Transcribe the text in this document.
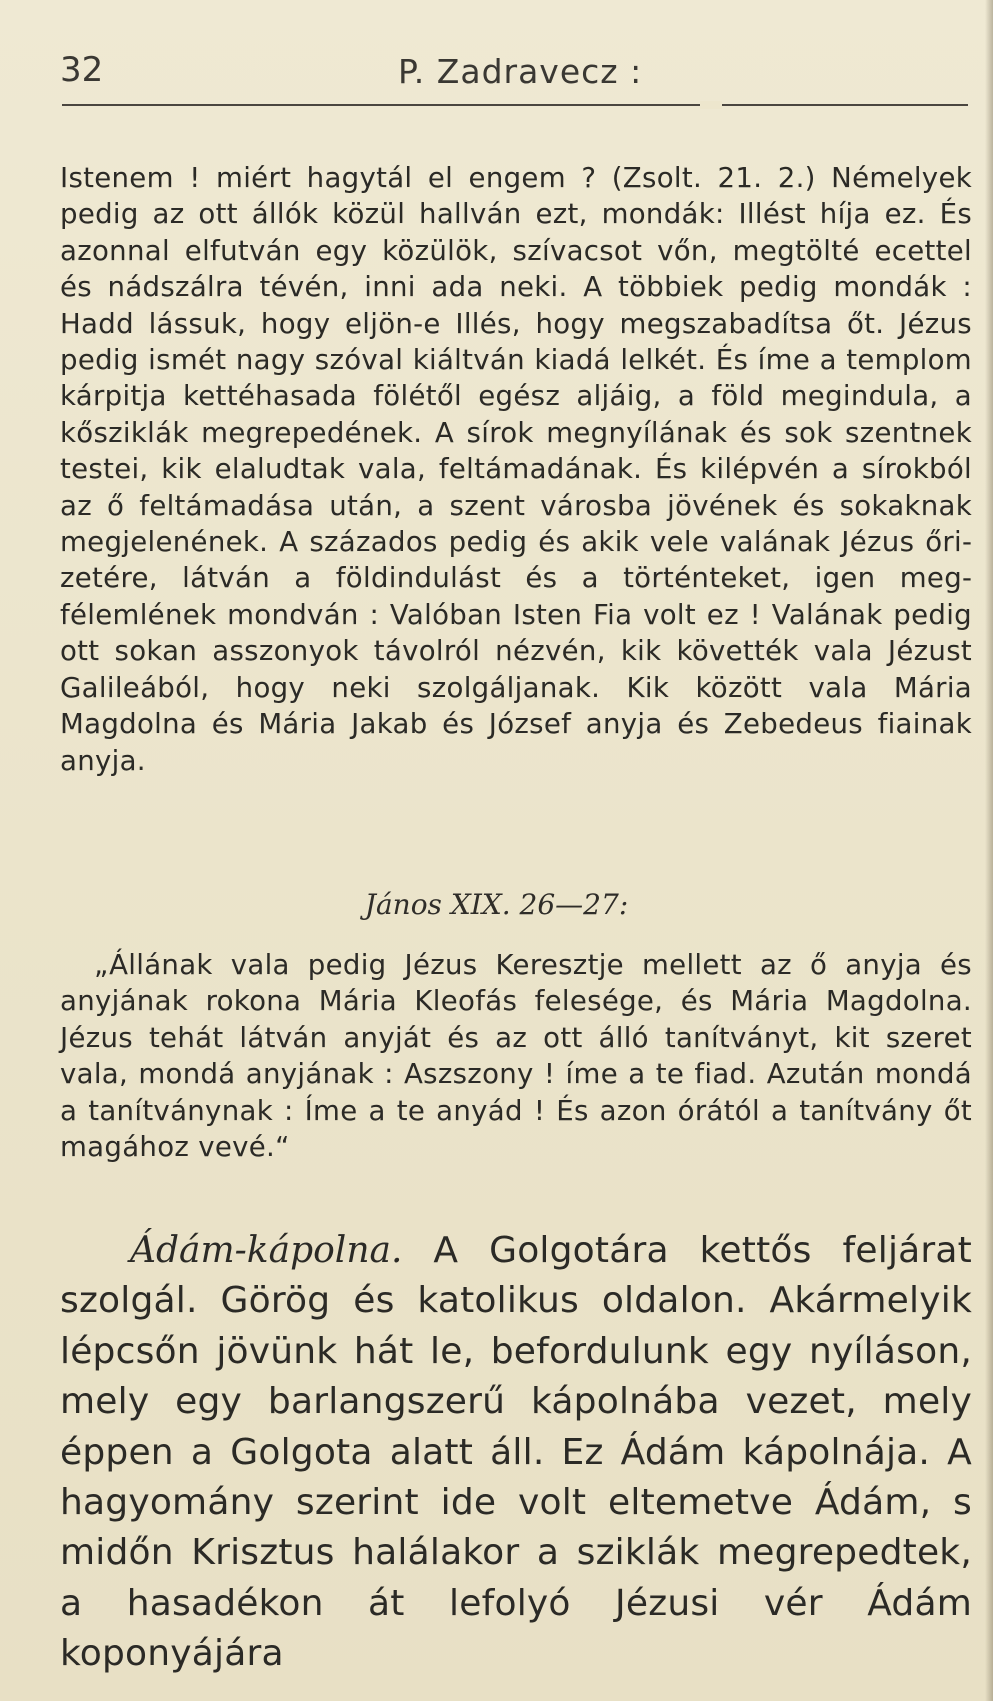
32	P. Zadravecz :

Istenem ! miért hagytál el engem ? (Zsolt. 21. 2.) Némelyek pedig az ott állók közül hallván ezt, mondák: Illést híja ez. És azonnal elfutván egy közülök, szívacsot vőn, megtölté ecettel és nádszálra tévén, inni ada neki. A többiek pedig mondák : Hadd lássuk, hogy eljön-e Illés, hogy megszabadítsa őt. Jézus pedig ismét nagy szóval kiáltván kiadá lelkét. És íme a templom kárpitja kettéhasada fölétől egész aljáig, a föld megindula, a kősziklák megrepedének. A sírok megnyílának és sok szentnek testei, kik elaludtak vala, feltámadának. És kilépvén a sírokból az ő feltámadása után, a szent városba jövének és sokaknak megjelenének. A százados pedig és akik vele valának Jézus őrizetére, látván a földindulást és a történteket, igen megfélemlének mondván : Valóban Isten Fia volt ez ! Valának pedig ott sokan asszonyok távolról nézvén, kik követték vala Jézust Galileából, hogy neki szolgáljanak. Kik között vala Mária Magdolna és Mária Jakab és József anyja és Zebedeus fiainak anyja.

János XIX. 26—27:

„Állának vala pedig Jézus Keresztje mellett az ő anyja és anyjának rokona Mária Kleofás felesége, és Mária Magdolna. Jézus tehát látván anyját és az ott álló tanítványt, kit szeret vala, mondá anyjának : Aszszony ! íme a te fiad. Azután mondá a tanítványnak : Íme a te anyád ! És azon órától a tanítvány őt magához vevé.“

Ádám-kápolna. A Golgotára kettős feljárat szolgál. Görög és katolikus oldalon. Akármelyik lépcsőn jövünk hát le, befordulunk egy nyíláson, mely egy barlangszerű kápolnába vezet, mely éppen a Golgota alatt áll. Ez Ádám kápolnája. A hagyomány szerint ide volt eltemetve Ádám, s midőn Krisztus halálakor a sziklák megrepedtek, a hasadékon át lefolyó Jézusi vér Ádám koponyájára
